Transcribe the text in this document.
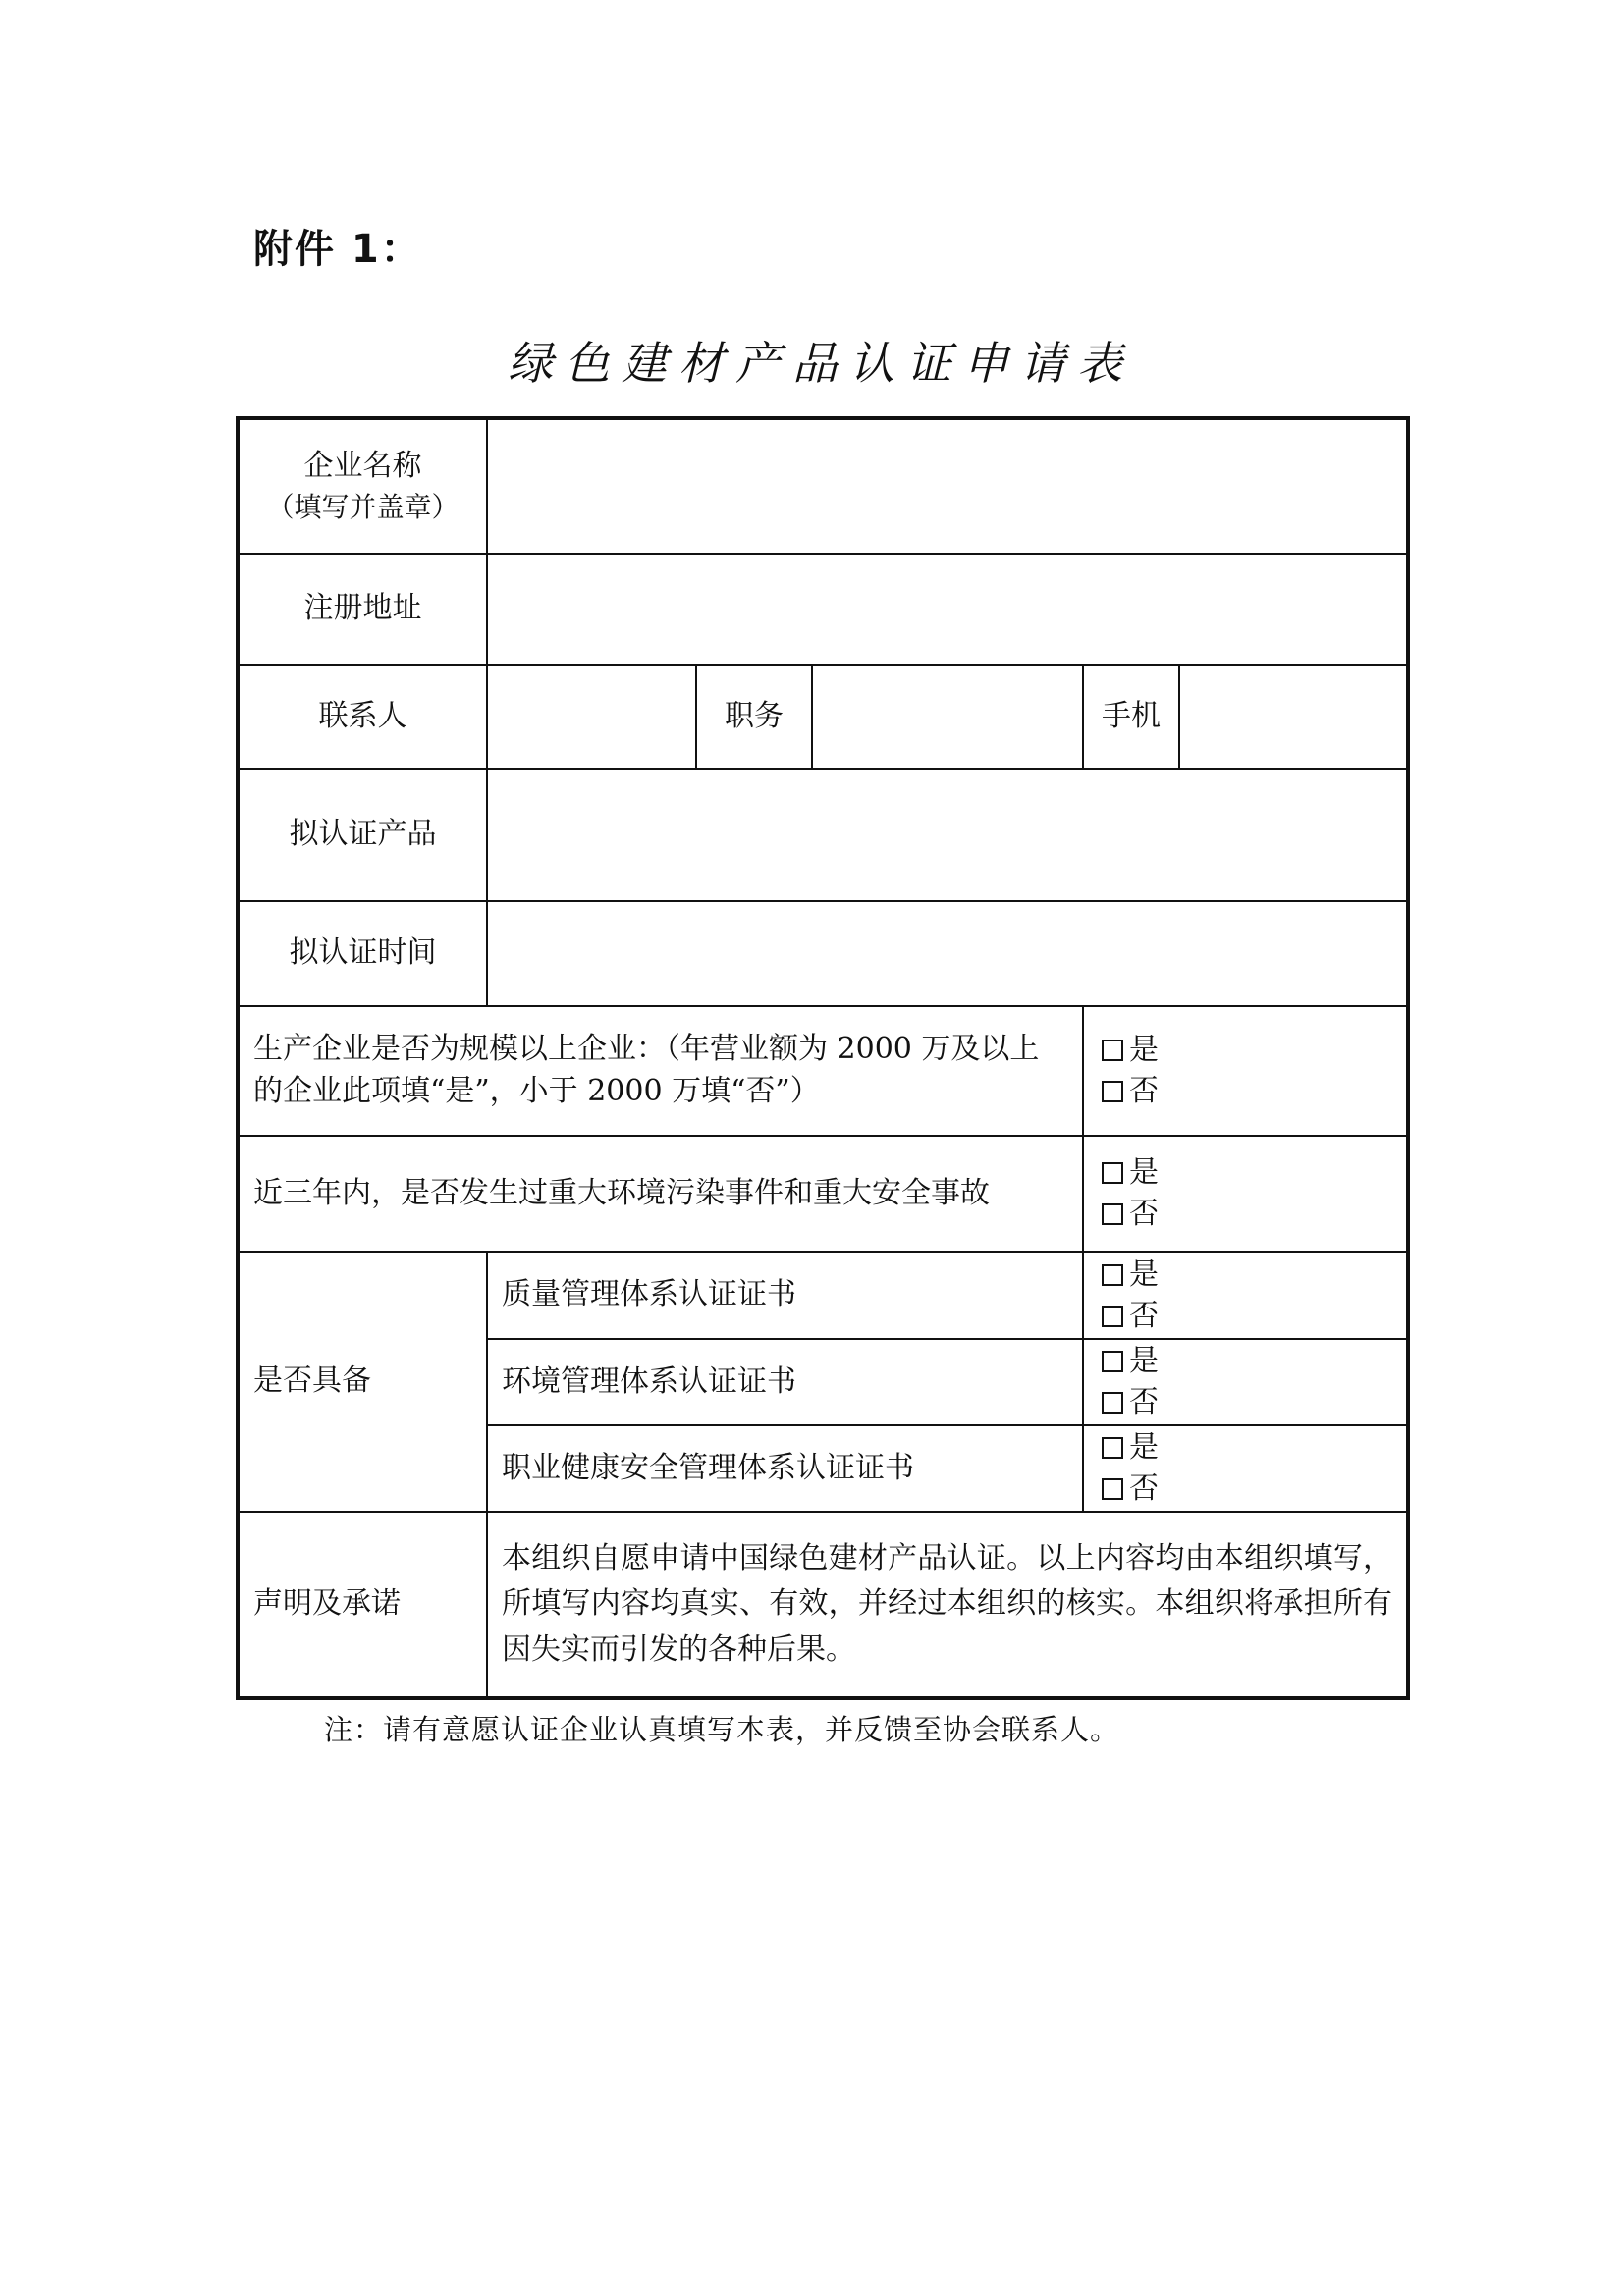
附件 1：
绿色建材产品认证申请表
企业名称
（填写并盖章）					

注册地址					
联系人		职务		手机	
拟认证产品					
拟认证时间					
生产企业是否为规模以上企业：（年营业额为 2000 万及以上的企业此项填“是”，小于 2000 万填“否”）				是
否	

近三年内，是否发生过重大环境污染事件和重大安全事故				是
否	

是否具备	质量管理体系认证证书			是
否	

	环境管理体系认证证书			是
否	

	职业健康安全管理体系认证证书			是
否	

声明及承诺	本组织自愿申请中国绿色建材产品认证。以上内容均由本组织填写，所填写内容均真实、有效，并经过本组织的核实。本组织将承担所有因失实而引发的各种后果。				
注：请有意愿认证企业认真填写本表，并反馈至协会联系人。
